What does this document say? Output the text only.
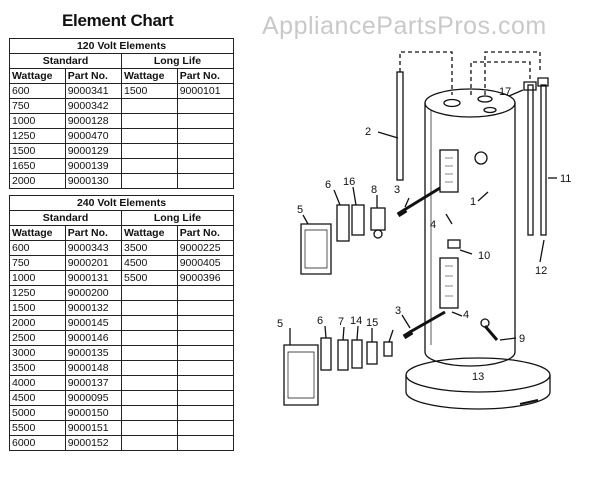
AppliancePartsPros.com
Element Chart
120 Volt Elements			
Standard		Long Life	
Wattage	Part No.	Wattage	Part No.
600	9000341	1500	9000101
750	9000342		
1000	9000128		
1250	9000470		
1500	9000129		
1650	9000139		
2000	9000130		
240 Volt Elements			
Standard		Long Life	
Wattage	Part No.	Wattage	Part No.
600	9000343	3500	9000225
750	9000201	4500	9000405
1000	9000131	5500	9000396
1250	9000200		
1500	9000132		
2000	9000145		
2500	9000146		
3000	9000135		
3500	9000148		
4000	9000137		
4500	9000095		
5000	9000150		
5500	9000151		
6000	9000152		
2
17
11
12
10
1
3
4
5
6 16
8
5	6 7 14 15
3	4
9
13
